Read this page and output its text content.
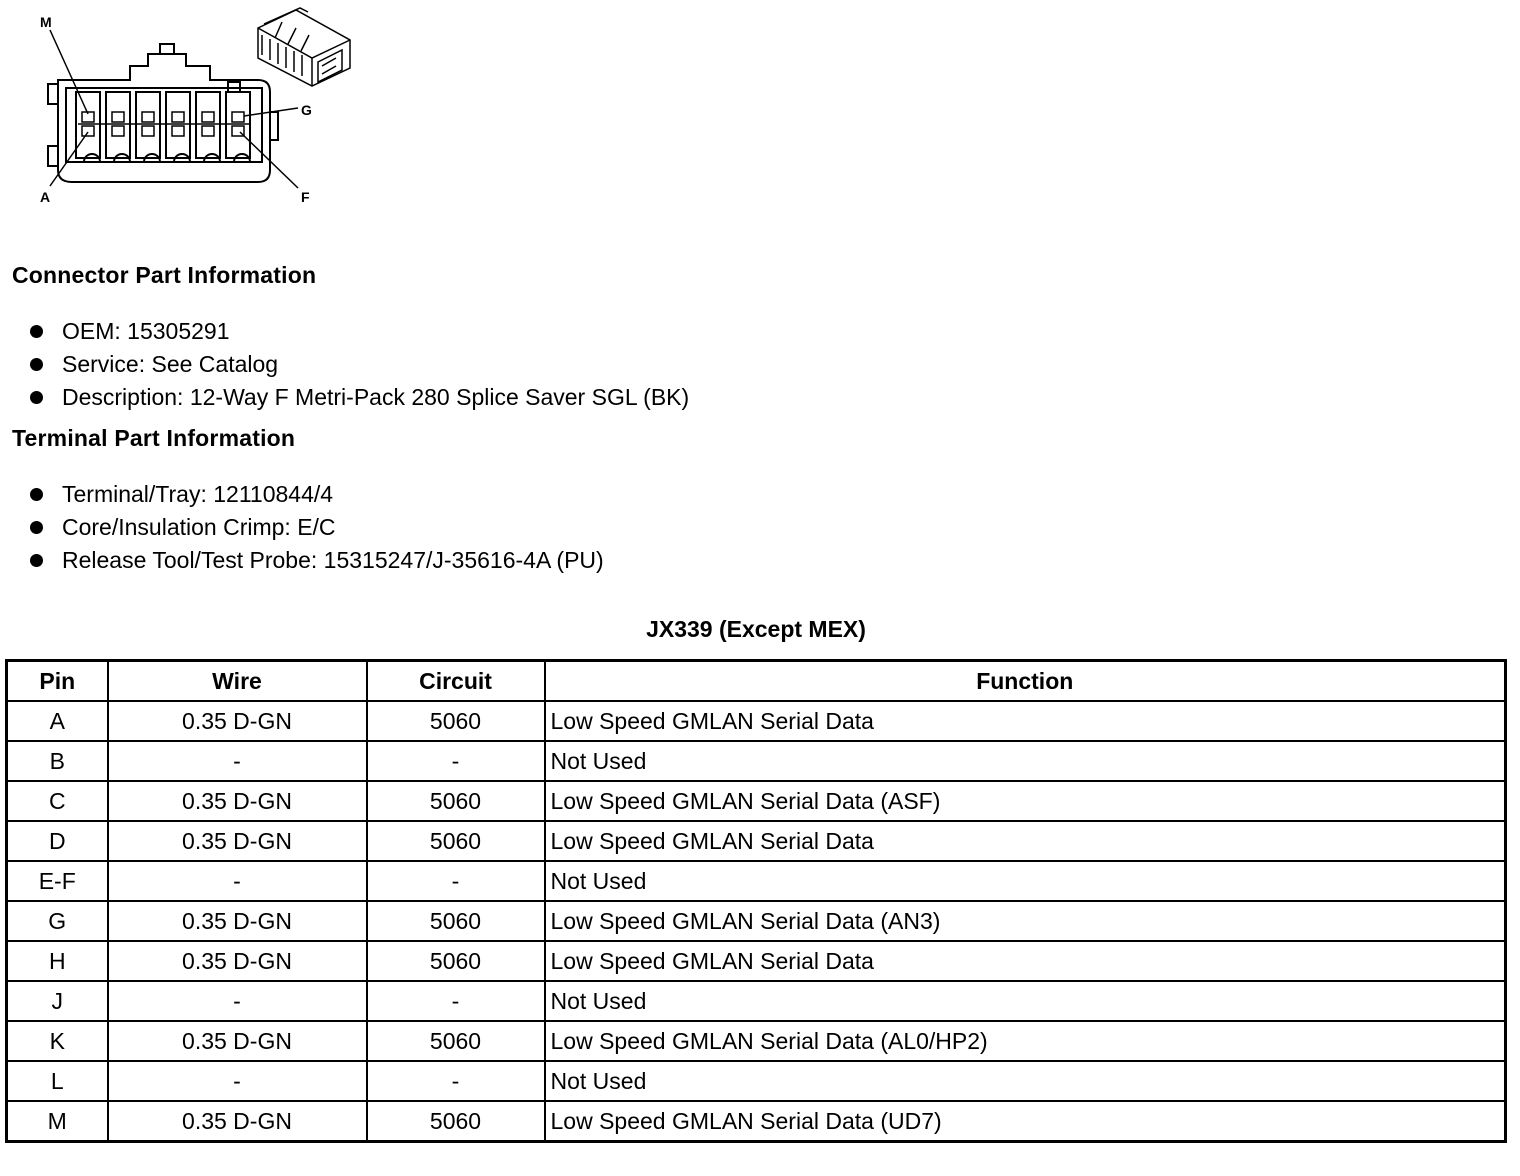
M
G
A	F
Connector Part Information
OEM: 15305291
Service: See Catalog
Description: 12-Way F Metri-Pack 280 Splice Saver SGL (BK)
Terminal Part Information
Terminal/Tray: 12110844/4
Core/Insulation Crimp: E/C
Release Tool/Test Probe: 15315247/J-35616-4A (PU)
JX339 (Except MEX)
Pin	Wire	Circuit	Function
A	0.35 D-GN	5060	Low Speed GMLAN Serial Data
B	-	-	Not Used
C	0.35 D-GN	5060	Low Speed GMLAN Serial Data (ASF)
D	0.35 D-GN	5060	Low Speed GMLAN Serial Data
E-F	-	-	Not Used
G	0.35 D-GN	5060	Low Speed GMLAN Serial Data (AN3)
H	0.35 D-GN	5060	Low Speed GMLAN Serial Data
J	-	-	Not Used
K	0.35 D-GN	5060	Low Speed GMLAN Serial Data (AL0/HP2)
L	-	-	Not Used
M	0.35 D-GN	5060	Low Speed GMLAN Serial Data (UD7)
